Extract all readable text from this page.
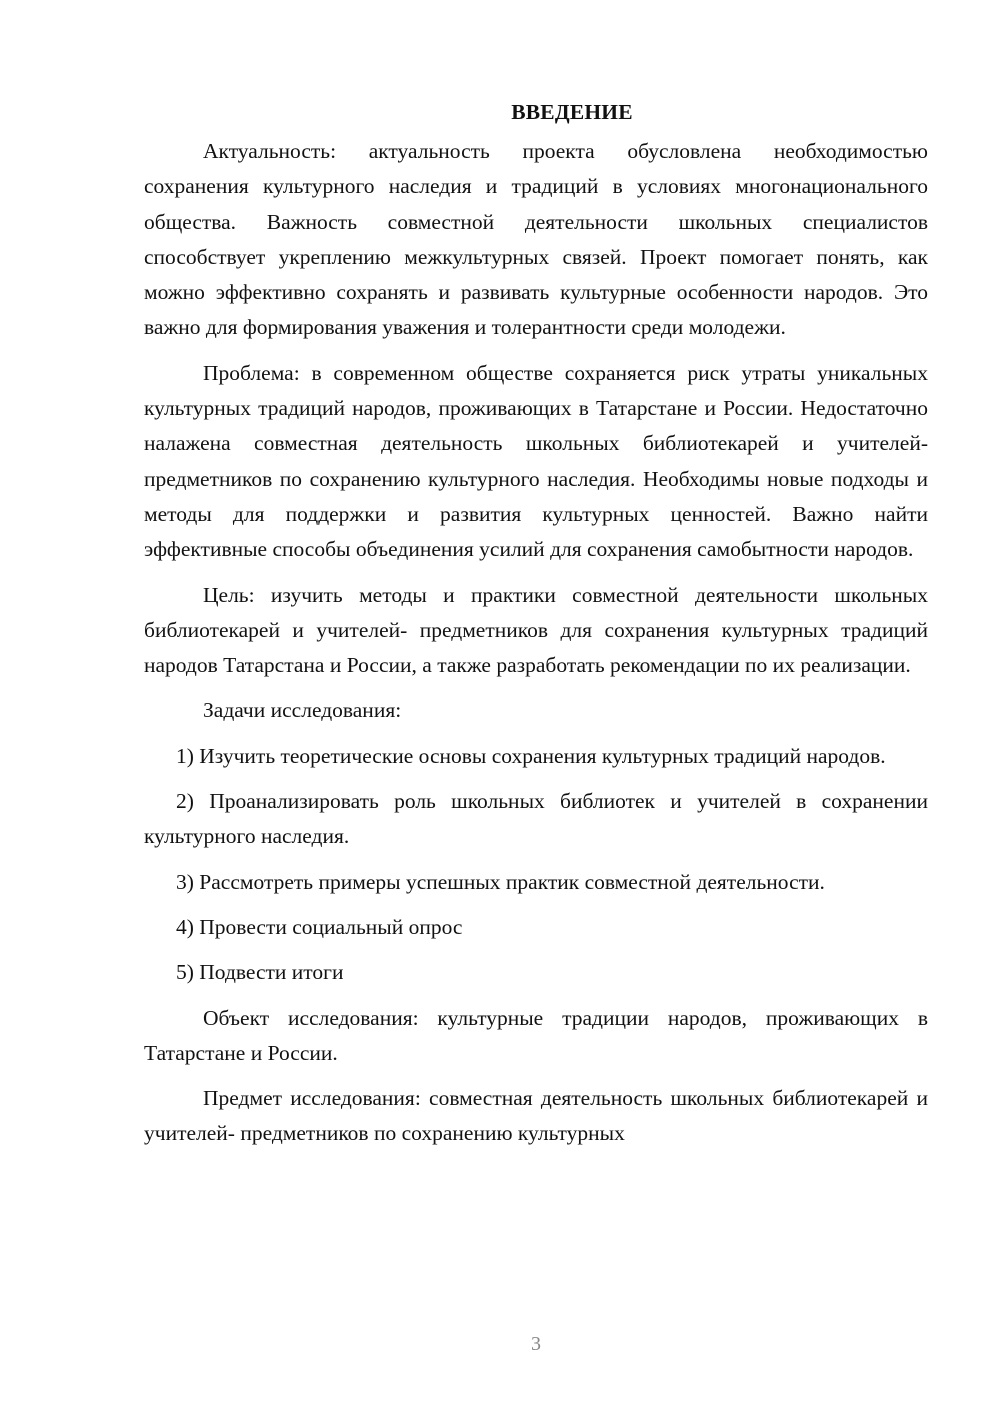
ВВЕДЕНИЕ

Актуальность: актуальность проекта обусловлена необходимостью сохранения культурного наследия и традиций в условиях многонационального общества. Важность совместной деятельности школьных специалистов способствует укреплению межкультурных связей. Проект помогает понять, как можно эффективно сохранять и развивать культурные особенности народов. Это важно для формирования уважения и толерантности среди молодежи.

Проблема: в современном обществе сохраняется риск утраты уникальных культурных традиций народов, проживающих в Татарстане и России. Недостаточно налажена совместная деятельность школьных библиотекарей и учителей- предметников по сохранению культурного наследия. Необходимы новые подходы и методы для поддержки и развития культурных ценностей. Важно найти эффективные способы объединения усилий для сохранения самобытности народов.

Цель: изучить методы и практики совместной деятельности школьных библиотекарей и учителей- предметников для сохранения культурных традиций народов Татарстана и России, а также разработать рекомендации по их реализации.

Задачи исследования:

1) Изучить теоретические основы сохранения культурных традиций народов.

2) Проанализировать роль школьных библиотек и учителей в сохранении культурного наследия.

3) Рассмотреть примеры успешных практик совместной деятельности.

4) Провести социальный опрос

5) Подвести итоги

Объект исследования: культурные традиции народов, проживающих в Татарстане и России.

Предмет исследования: совместная деятельность школьных библиотекарей и учителей- предметников по сохранению культурных

3
